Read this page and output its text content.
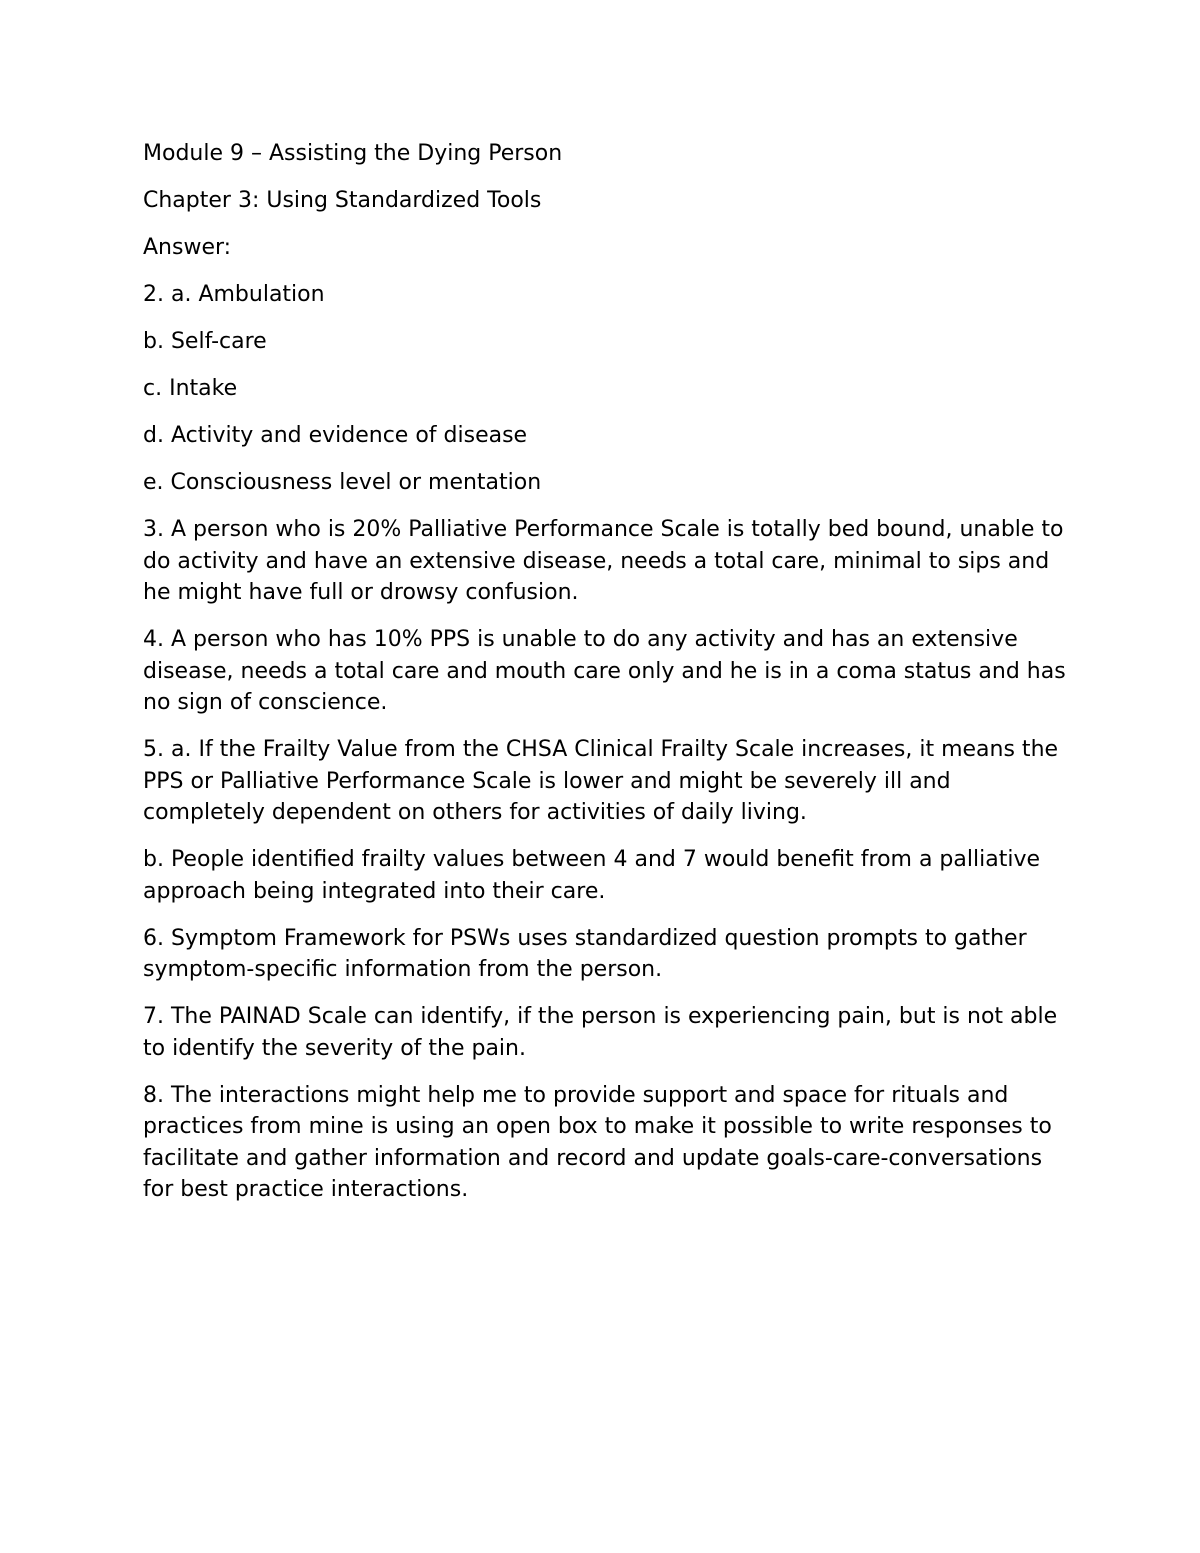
Module 9 – Assisting the Dying Person

Chapter 3: Using Standardized Tools

Answer:

2. a. Ambulation

b. Self-care

c. Intake

d. Activity and evidence of disease

e. Consciousness level or mentation

3. A person who is 20% Palliative Performance Scale is totally bed bound, unable to do activity and have an extensive disease, needs a total care, minimal to sips and he might have full or drowsy confusion.

4. A person who has 10% PPS is unable to do any activity and has an extensive disease, needs a total care and mouth care only and he is in a coma status and has no sign of conscience.

5. a. If the Frailty Value from the CHSA Clinical Frailty Scale increases, it means the PPS or Palliative Performance Scale is lower and might be severely ill and completely dependent on others for activities of daily living.

b. People identified frailty values between 4 and 7 would benefit from a palliative approach being integrated into their care.

6. Symptom Framework for PSWs uses standardized question prompts to gather symptom-specific information from the person.

7. The PAINAD Scale can identify, if the person is experiencing pain, but is not able to identify the severity of the pain.

8. The interactions might help me to provide support and space for rituals and practices from mine is using an open box to make it possible to write responses to facilitate and gather information and record and update goals-care-conversations for best practice interactions.
